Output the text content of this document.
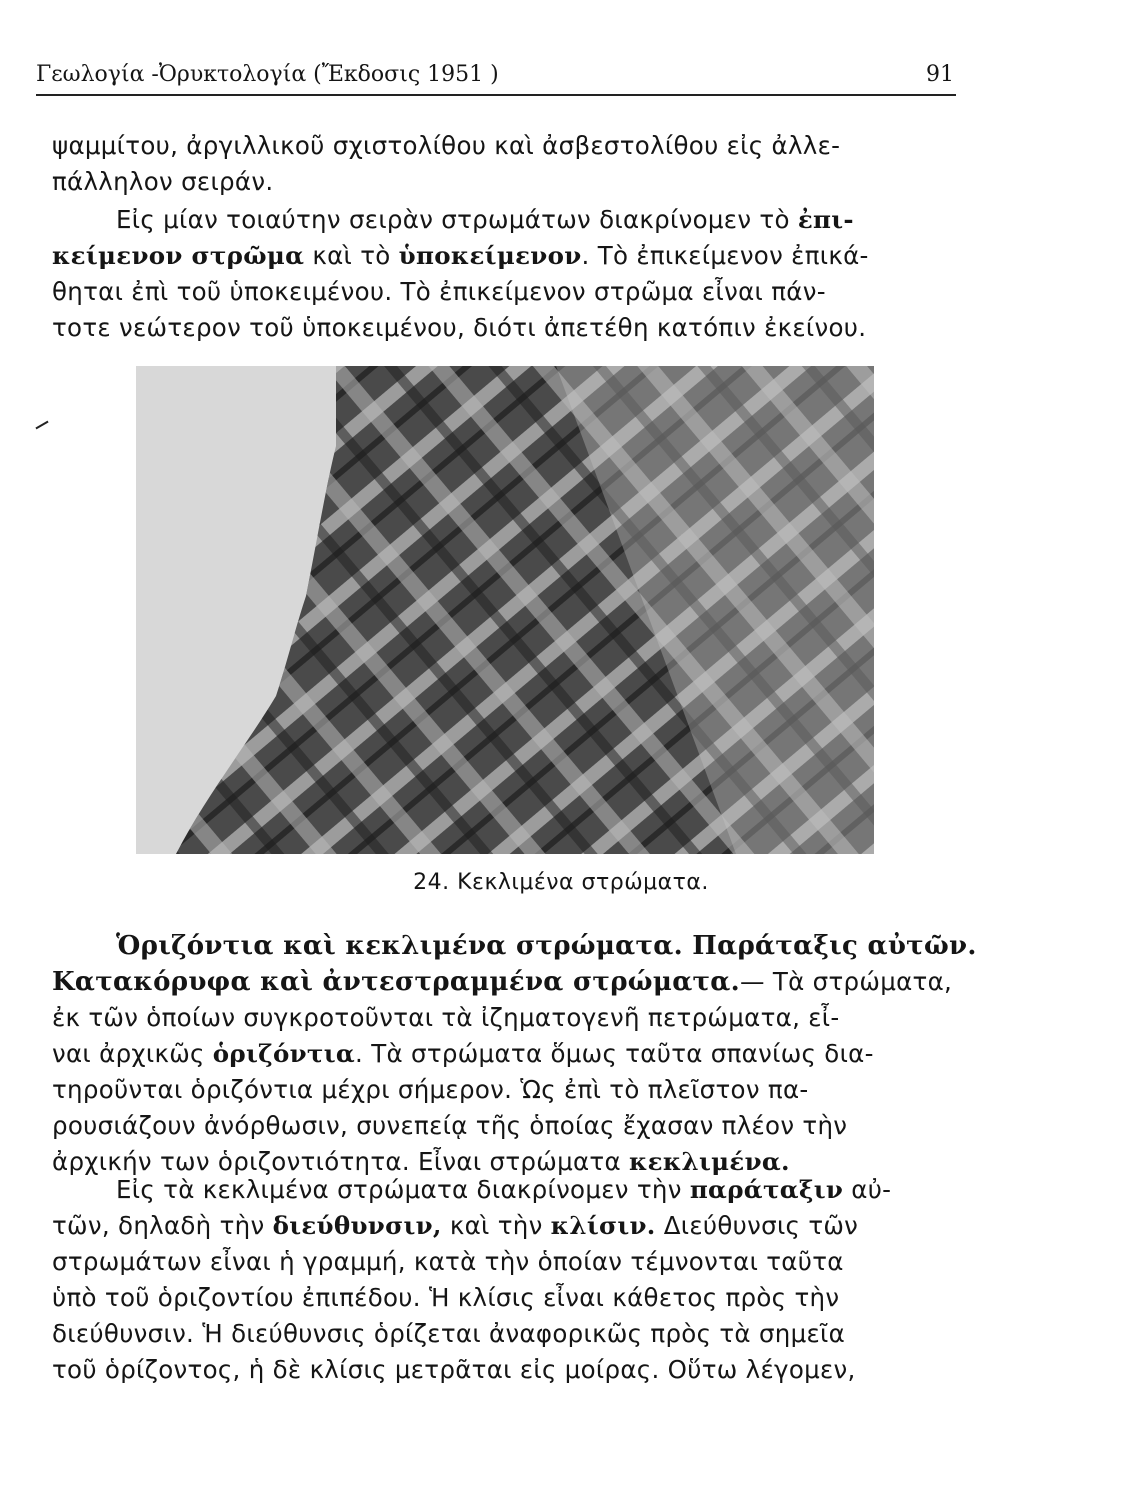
Γεωλογία -Ὀρυκτολογία (Ἔκδοσις 1951 )	91
ψαμμίτου, ἀργιλλικοῦ σχιστολίθου καὶ ἀσβεστολίθου εἰς ἀλλε-
πάλληλον σειράν.
Εἰς μίαν τοιαύτην σειρὰν στρωμάτων διακρίνομεν τὸ ἐπι-
κείμενον στρῶμα καὶ τὸ ὑποκείμενον. Τὸ ἐπικείμενον ἐπικά-
θηται ἐπὶ τοῦ ὑποκειμένου. Τὸ ἐπικείμενον στρῶμα εἶναι πάν-
τοτε νεώτερον τοῦ ὑποκειμένου, διότι ἀπετέθη κατόπιν ἐκείνου.
24. Κεκλιμένα στρώματα.
Ὁριζόντια καὶ κεκλιμένα στρώματα. Παράταξις αὐτῶν.
Κατακόρυφα καὶ ἀντεστραμμένα στρώματα.— Τὰ στρώματα,
ἐκ τῶν ὁποίων συγκροτοῦνται τὰ ἰζηματογενῆ πετρώματα, εἶ-
ναι ἀρχικῶς ὁριζόντια. Τὰ στρώματα ὅμως ταῦτα σπανίως δια-
τηροῦνται ὁριζόντια μέχρι σήμερον. Ὡς ἐπὶ τὸ πλεῖστον πα-
ρουσιάζουν ἀνόρθωσιν, συνεπείᾳ τῆς ὁποίας ἔχασαν πλέον τὴν
ἀρχικήν των ὁριζοντιότητα. Εἶναι στρώματα κεκλιμένα.
Εἰς τὰ κεκλιμένα στρώματα διακρίνομεν τὴν παράταξιν αὐ-
τῶν, δηλαδὴ τὴν διεύθυνσιν, καὶ τὴν κλίσιν. Διεύθυνσις τῶν
στρωμάτων εἶναι ἡ γραμμή, κατὰ τὴν ὁποίαν τέμνονται ταῦτα
ὑπὸ τοῦ ὁριζοντίου ἐπιπέδου. Ἡ κλίσις εἶναι κάθετος πρὸς τὴν
διεύθυνσιν. Ἡ διεύθυνσις ὁρίζεται ἀναφορικῶς πρὸς τὰ σημεῖα
τοῦ ὁρίζοντος, ἡ δὲ κλίσις μετρᾶται εἰς μοίρας. Οὕτω λέγομεν,
